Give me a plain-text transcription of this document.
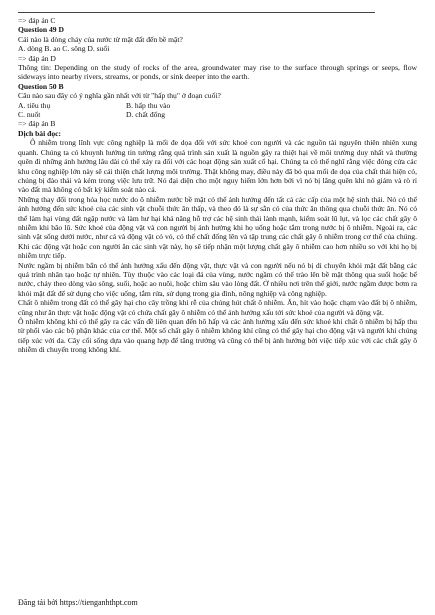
=> đáp án C
Question 49 D
Cái nào là dòng chảy của nước từ mặt đất đến bề mặt?
A. dòng B. ao C. sông D. suối
=> đáp án D

Thông tin: Depending on the study of rocks of the area, groundwater may rise to the surface through springs or seeps, flow sideways into nearby rivers, streams, or ponds, or sink deeper into the earth.

Question 50 B
Câu nào sau đây có ý nghĩa gần nhất với từ "hấp thụ" ở đoạn cuối?
A. tiêu thụ	B. hấp thu vào
C. nuốt	D. chất đống
=> đáp án B
Dịch bài đọc:

Ô nhiễm trong lĩnh vực công nghiệp là mối đe dọa đối với sức khoẻ con người và các nguồn tài nguyên thiên nhiên xung quanh. Chúng ta có khuynh hướng tin tưởng rằng quá trình sản xuất là nguồn gây ra thiệt hại về môi trường duy nhất và thường quên đi những ảnh hưởng lâu dài có thể xảy ra đối với các hoạt động sản xuất cổ hại. Chúng ta có thể nghĩ rằng việc đóng cửa các khu công nghiệp lớn này sẽ cải thiện chất lượng môi trường. Thật không may, điều này đã bỏ qua mối đe dọa của chất thải hiện có, chúng bị đào thải và kém trong việc lưu trữ. Nó đại diện cho một nguy hiểm lớn hơn bởi vì nó bị lãng quên khi nó giảm và rò rỉ vào đất mà không có bất kỳ kiểm soát nào cả.

Những thay đổi trong hóa học nước do ô nhiễm nước bề mặt có thể ảnh hưởng đến tất cả các cấp của một hệ sinh thái. Nó có thể ảnh hưởng đến sức khoẻ của các sinh vật chuỗi thức ăn thấp, và theo đó là sự sẵn có của thức ăn thông qua chuỗi thức ăn. Nó có thể làm hại vùng đất ngập nước và làm hư hại khả năng hỗ trợ các hệ sinh thái lành mạnh, kiểm soát lũ lụt, và lọc các chất gây ô nhiễm khi bão lũ. Sức khoẻ của động vật và con người bị ảnh hưởng khi họ uống hoặc tắm trong nước bị ô nhiễm. Ngoài ra, các sinh vật sống dưới nước, như cá và động vật có vỏ, có thể chất đống lên và tập trung các chất gây ô nhiễm trong cơ thể của chúng. Khi các động vật hoặc con người ăn các sinh vật này, họ sẽ tiếp nhận một lượng chất gây ô nhiễm cao hơn nhiều so với khi họ bị nhiễm trực tiếp.

Nước ngầm bị nhiễm bẩn có thể ảnh hưởng xấu đến động vật, thực vật và con người nếu nó bị di chuyển khỏi mặt đất bằng các quá trình nhân tạo hoặc tự nhiên. Tùy thuộc vào các loại đá của vùng, nước ngầm có thể trào lên bề mặt thông qua suối hoặc bể nước, chảy theo dòng vào sông, suối, hoặc ao nuôi, hoặc chìm sâu vào lòng đất. Ở nhiều nơi trên thế giới, nước ngầm được bơm ra khỏi mặt đất để sử dụng cho việc uống, tắm rửa, sử dụng trong gia đình, nông nghiệp và công nghiệp.

Chất ô nhiễm trong đất có thể gây hại cho cây trồng khi rễ của chúng hút chất ô nhiễm. Ăn, hít vào hoặc chạm vào đất bị ô nhiễm, cũng như ăn thực vật hoặc động vật có chứa chất gây ô nhiễm có thể ảnh hưởng xấu tới sức khoẻ của người và động vật.

Ô nhiễm không khí có thể gây ra các vấn đề liên quan đến hô hấp và các ảnh hưởng xấu đến sức khoẻ khi chất ô nhiễm bị hấp thu từ phổi vào các bộ phận khác của cơ thể. Một số chất gây ô nhiễm không khí cũng có thể gây hại cho động vật và người khi chúng tiếp xúc với da. Cây cối sống dựa vào quang hợp để tăng trưởng và cũng có thể bị ảnh hưởng bởi việc tiếp xúc với các chất gây ô nhiễm di chuyển trong không khí.

Đăng tải bởi https://tienganhthpt.com
